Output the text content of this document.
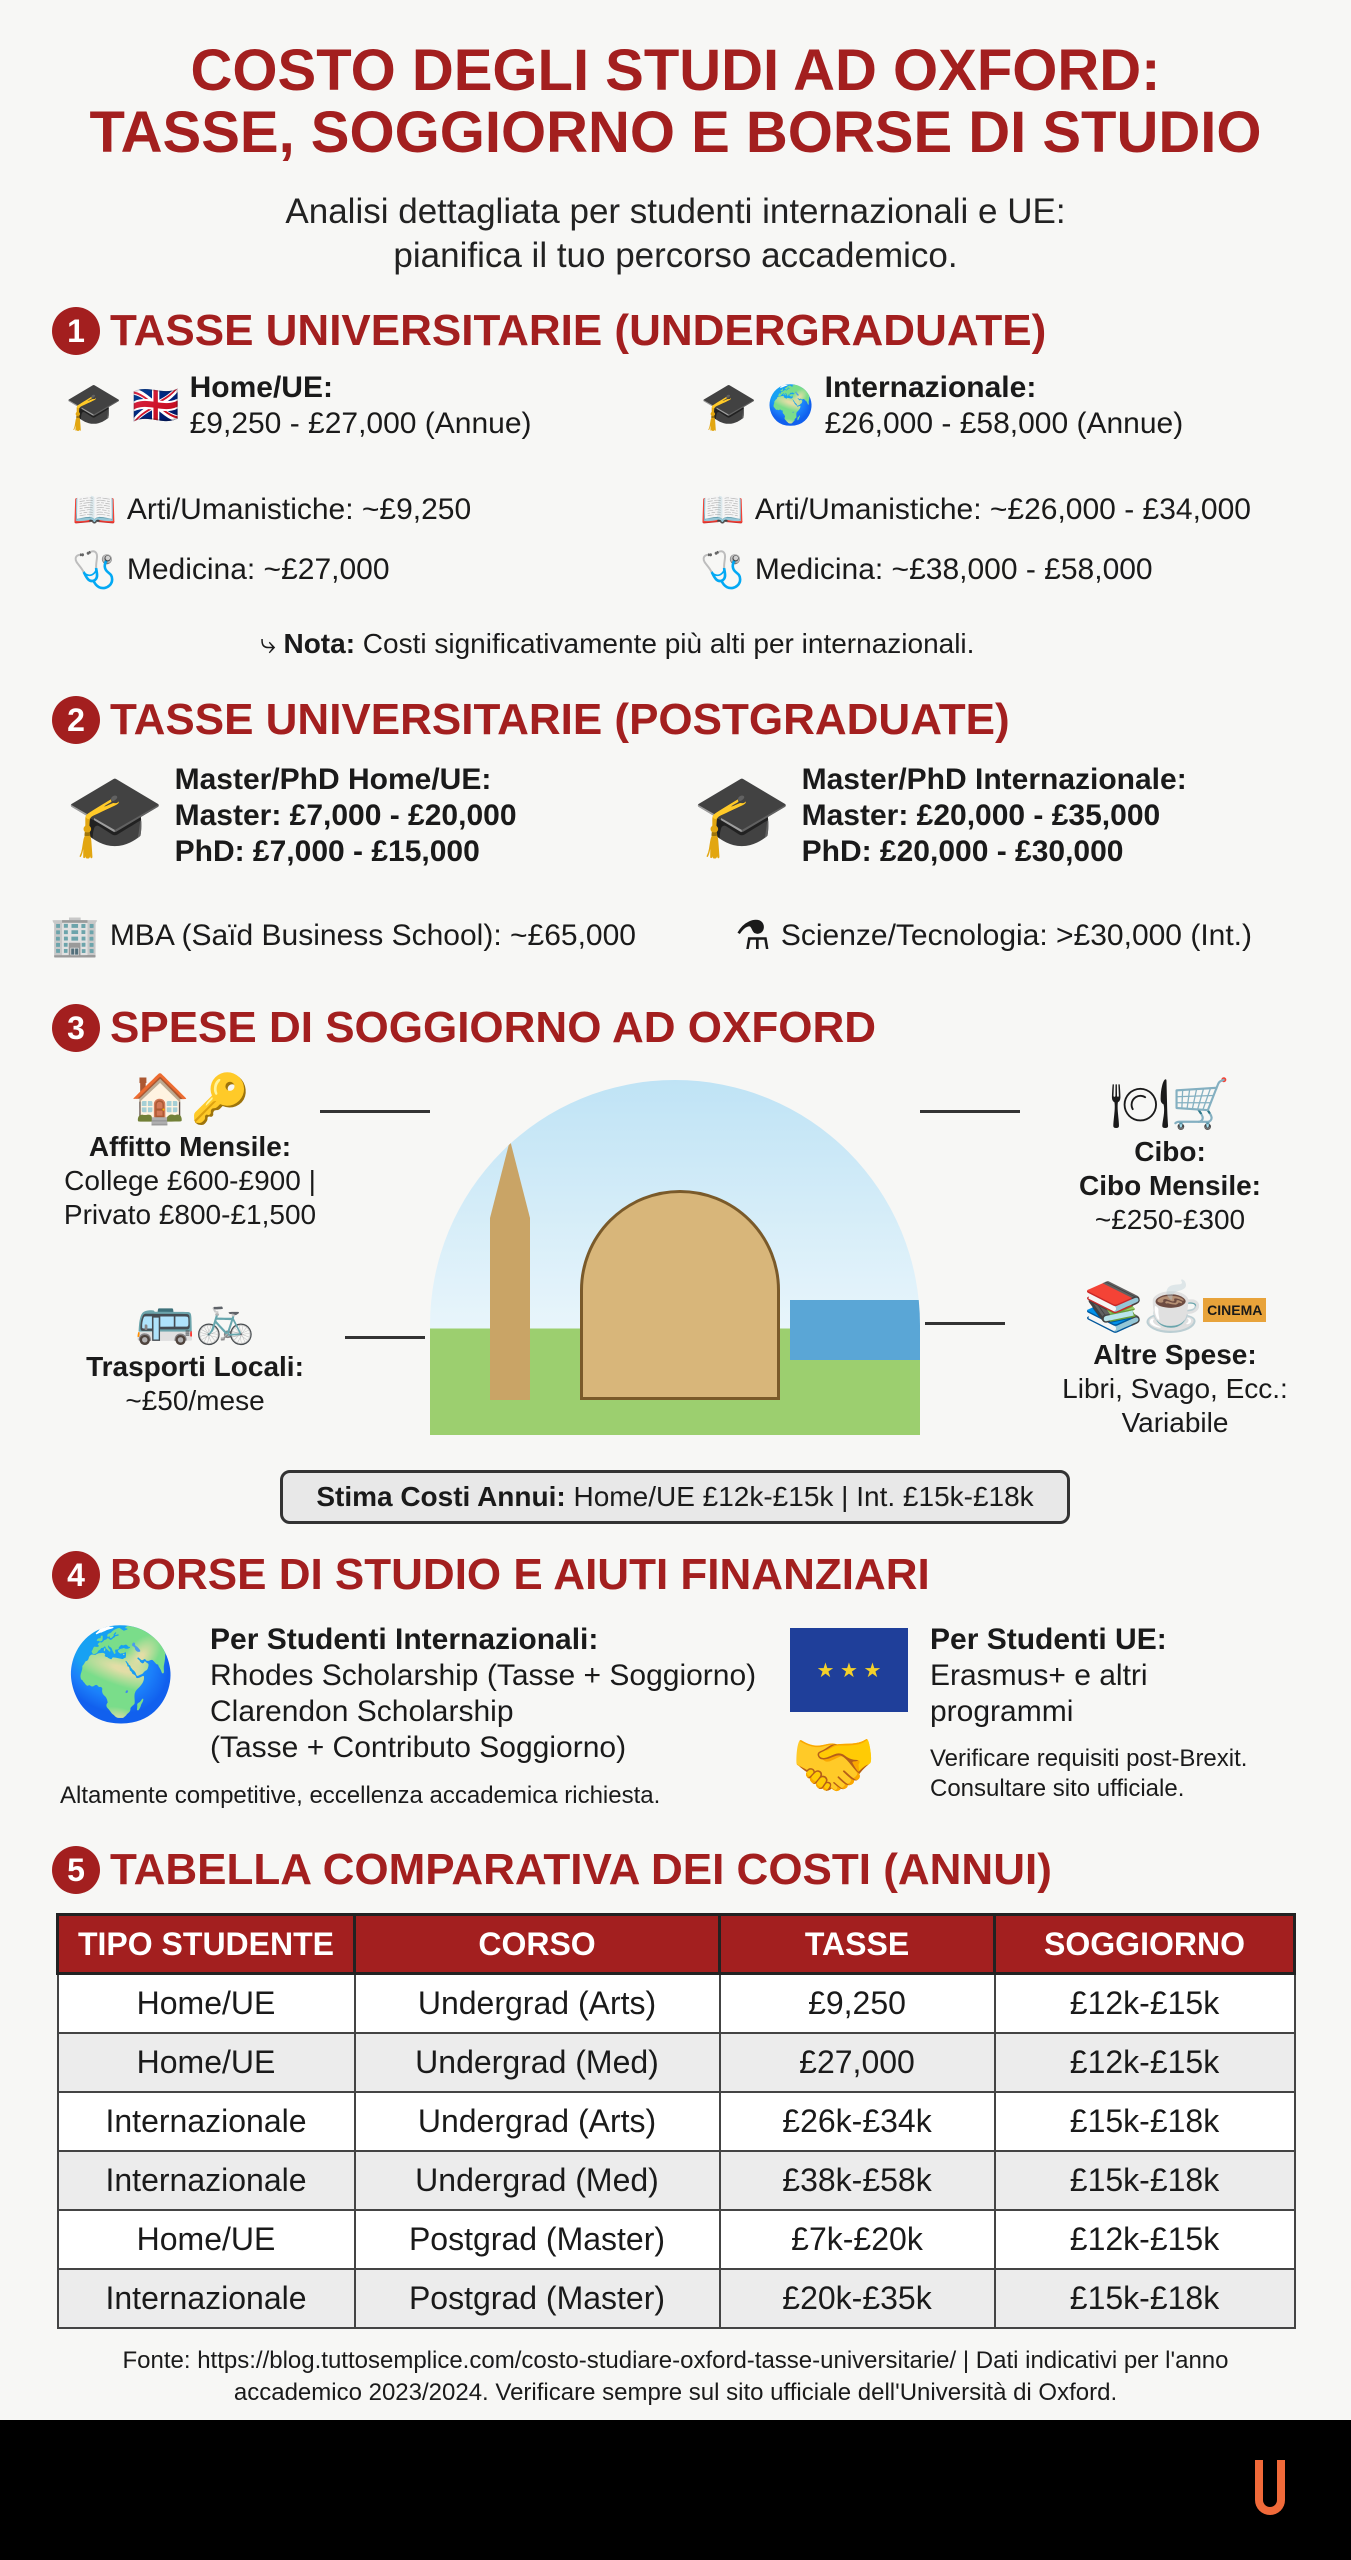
COSTO DEGLI STUDI AD OXFORD:
TASSE, SOGGIORNO E BORSE DI STUDIO
Analisi dettagliata per studenti internazionali e UE:
pianifica il tuo percorso accademico.
1 TASSE UNIVERSITARIE (UNDERGRADUATE)
🎓 🇬🇧 Home/UE:
£9,250 - £27,000 (Annue)	🎓 🌍 Internazionale:
£26,000 - £58,000 (Annue)
📖 Arti/Umanistiche: ~£9,250
🩺 Medicina: ~£27,000
📖 Arti/Umanistiche: ~£26,000 - £34,000
🩺 Medicina: ~£38,000 - £58,000
⤷ Nota: Costi significativamente più alti per internazionali.
2 TASSE UNIVERSITARIE (POSTGRADUATE)
🎓 Master/PhD Home/UE:
Master: £7,000 - £20,000
PhD: £7,000 - £15,000	🎓 Master/PhD Internazionale:
Master: £20,000 - £35,000
PhD: £20,000 - £30,000
🏢 MBA (Saïd Business School): ~£65,000 ⚗ Scienze/Tecnologia: >£30,000 (Int.)
3 SPESE DI SOGGIORNO AD OXFORD
🏠🔑
Affitto Mensile:
College £600-£900 |
Privato £800-£1,500
🚌🚲
Trasporti Locali:
~£50/mese
🍽🛒
Cibo:
Cibo Mensile:
~£250-£300
📚☕ CINEMA
Altre Spese:
Libri, Svago, Ecc.:
Variabile
Stima Costi Annui:
Home/UE £12k-£15k | Int. £15k-£18k
4 BORSE DI STUDIO E AIUTI FINANZIARI
🌍 Per Studenti Internazionali:
Rhodes Scholarship (Tasse + Soggiorno)
Clarendon Scholarship
(Tasse + Contributo Soggiorno)
Altamente competitive, eccellenza accademica richiesta.
★ ★ ★
🤝
Per Studenti UE:
Erasmus+ e altri
programmi
Verificare requisiti post-Brexit.
Consultare sito ufficiale.
5 TABELLA COMPARATIVA DEI COSTI (ANNUI)
TIPO STUDENTE	CORSO	TASSE	SOGGIORNO
Home/UE	Undergrad (Arts)	£9,250	£12k-£15k
Home/UE	Undergrad (Med)	£27,000	£12k-£15k
Internazionale	Undergrad (Arts)	£26k-£34k	£15k-£18k
Internazionale	Undergrad (Med)	£38k-£58k	£15k-£18k
Home/UE	Postgrad (Master)	£7k-£20k	£12k-£15k
Internazionale	Postgrad (Master)	£20k-£35k	£15k-£18k
Fonte: https://blog.tuttosemplice.com/costo-studiare-oxford-tasse-universitarie/ | Dati indicativi per l'anno
accademico 2023/2024. Verificare sempre sul sito ufficiale dell'Università di Oxford.
